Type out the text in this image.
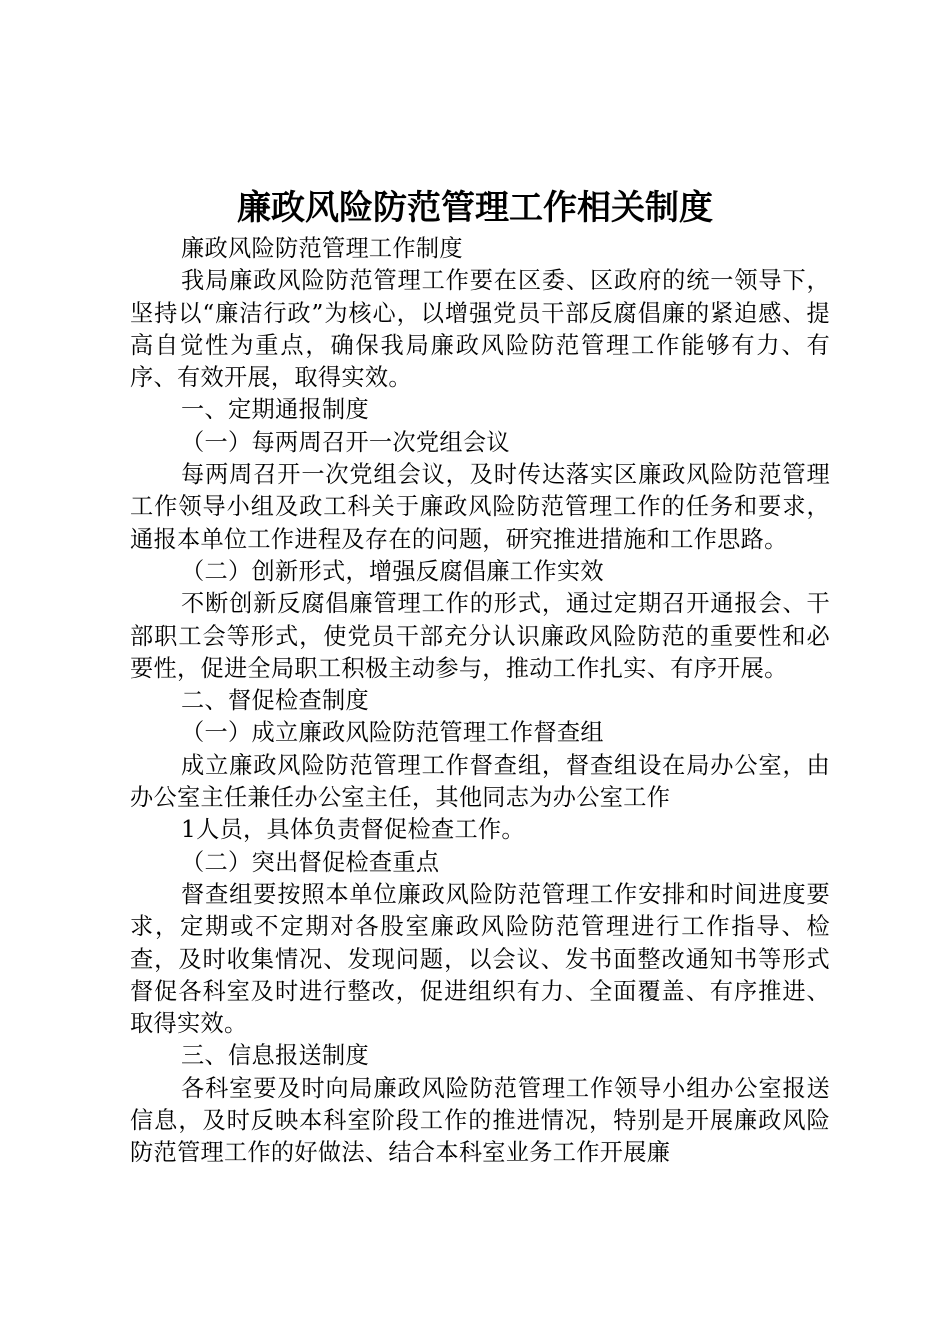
廉政风险防范管理工作相关制度

廉政风险防范管理工作制度

我局廉政风险防范管理工作要在区委、区政府的统一领导下，坚持以“廉洁行政”为核心，以增强党员干部反腐倡廉的紧迫感、提高自觉性为重点，确保我局廉政风险防范管理工作能够有力、有序、有效开展，取得实效。

一、定期通报制度

（一）每两周召开一次党组会议

每两周召开一次党组会议，及时传达落实区廉政风险防范管理工作领导小组及政工科关于廉政风险防范管理工作的任务和要求，通报本单位工作进程及存在的问题，研究推进措施和工作思路。

（二）创新形式，增强反腐倡廉工作实效

不断创新反腐倡廉管理工作的形式，通过定期召开通报会、干部职工会等形式，使党员干部充分认识廉政风险防范的重要性和必要性，促进全局职工积极主动参与，推动工作扎实、有序开展。

二、督促检查制度

（一）成立廉政风险防范管理工作督查组

成立廉政风险防范管理工作督查组，督查组设在局办公室，由办公室主任兼任办公室主任，其他同志为办公室工作

1人员，具体负责督促检查工作。

（二）突出督促检查重点

督查组要按照本单位廉政风险防范管理工作安排和时间进度要求，定期或不定期对各股室廉政风险防范管理进行工作指导、检查，及时收集情况、发现问题，以会议、发书面整改通知书等形式督促各科室及时进行整改，促进组织有力、全面覆盖、有序推进、取得实效。

三、信息报送制度

各科室要及时向局廉政风险防范管理工作领导小组办公室报送信息，及时反映本科室阶段工作的推进情况，特别是开展廉政风险防范管理工作的好做法、结合本科室业务工作开展廉
